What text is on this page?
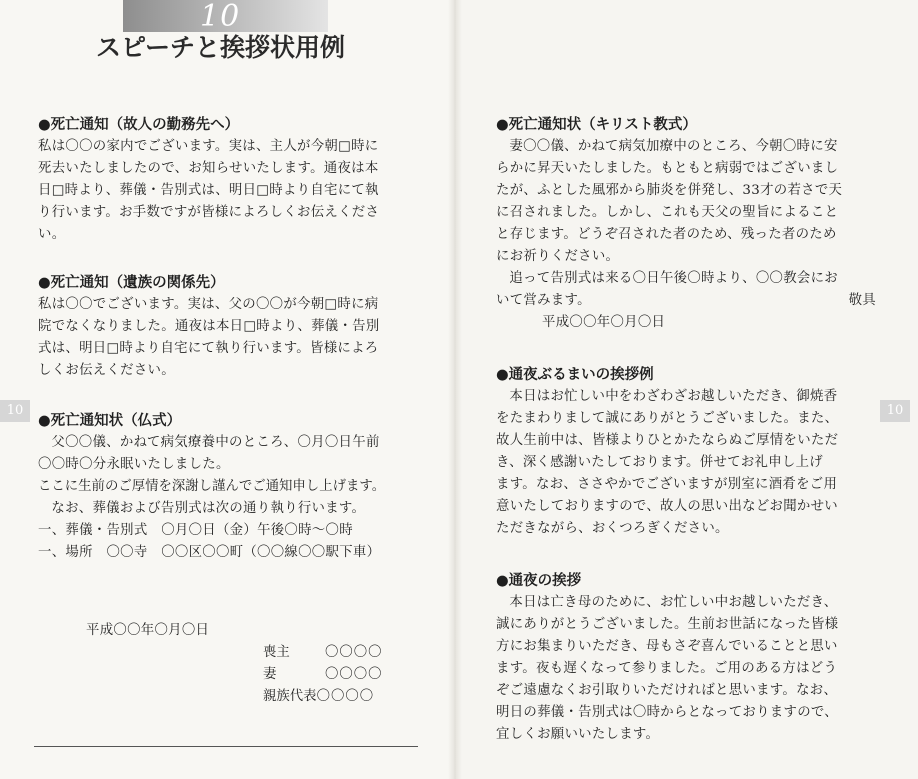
10
スピーチと挨拶状用例
10	10
●死亡通知（故人の勤務先へ）

私は〇〇の家内でございます。実は、主人が今朝□時に

死去いたしましたので、お知らせいたします。通夜は本

日□時より、葬儀・告別式は、明日□時より自宅にて執

り行います。お手数ですが皆様によろしくお伝えくださ

い。

●死亡通知（遺族の関係先）

私は〇〇でございます。実は、父の〇〇が今朝□時に病

院でなくなりました。通夜は本日□時より、葬儀・告別

式は、明日□時より自宅にて執り行います。皆様によろ

しくお伝えください。

●死亡通知状（仏式）

父〇〇儀、かねて病気療養中のところ、〇月〇日午前

〇〇時〇分永眠いたしました。

ここに生前のご厚情を深謝し謹んでご通知申し上げます。

なお、葬儀および告別式は次の通り執り行います。

一、葬儀・告別式　〇月〇日（金）午後〇時～〇時

一、場所　〇〇寺　〇〇区〇〇町（〇〇線〇〇駅下車）

平成〇〇年〇月〇日
喪主	〇〇〇〇
妻	〇〇〇〇
親族代表 〇〇〇〇
●死亡通知状（キリスト教式）

妻〇〇儀、かねて病気加療中のところ、今朝〇時に安

らかに昇天いたしました。もともと病弱ではございまし

たが、ふとした風邪から肺炎を併発し、33才の若さで天

に召されました。しかし、これも天父の聖旨によること

と存じます。どうぞ召された者のため、残った者のため

にお祈りください。

追って告別式は来る〇日午後〇時より、〇〇教会にお

いて営みます。	敬具

平成〇〇年〇月〇日

●通夜ぶるまいの挨拶例

本日はお忙しい中をわざわざお越しいただき、御焼香

をたまわりまして誠にありがとうございました。また、

故人生前中は、皆様よりひとかたならぬご厚情をいただ

き、深く感謝いたしております。併せてお礼申し上げ

ます。なお、ささやかでございますが別室に酒肴をご用

意いたしておりますので、故人の思い出などお聞かせい

ただきながら、おくつろぎください。

●通夜の挨拶

本日は亡き母のために、お忙しい中お越しいただき、

誠にありがとうございました。生前お世話になった皆様

方にお集まりいただき、母もさぞ喜んでいることと思い

ます。夜も遅くなって参りました。ご用のある方はどう

ぞご遠慮なくお引取りいただければと思います。なお、

明日の葬儀・告別式は〇時からとなっておりますので、

宜しくお願いいたします。
